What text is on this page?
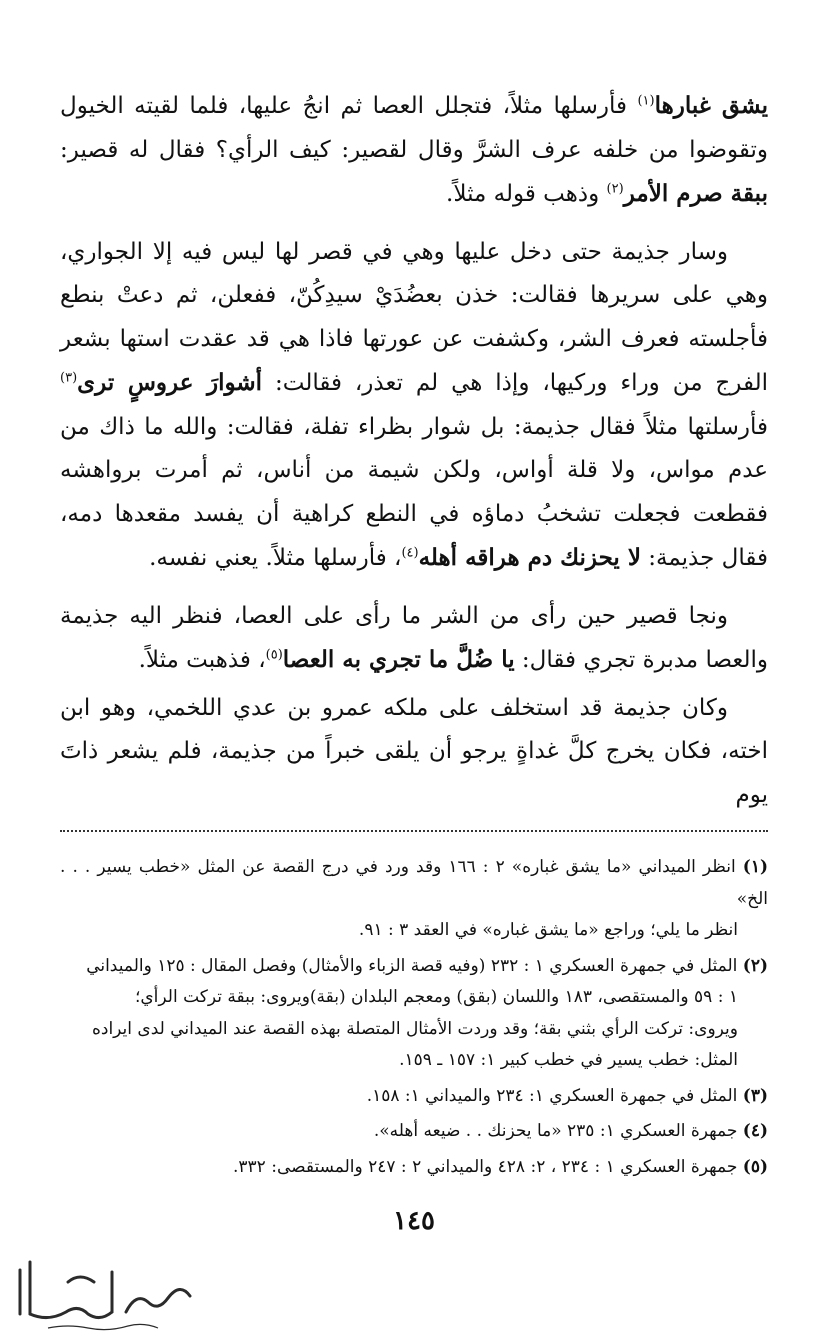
يشق غبارها$^{(١)}$ فأرسلها مثلاً، فتجلل العصا ثم انجُ عليها، فلما لقيته الخيول وتقوضوا من خلفه عرف الشرَّ وقال لقصير: كيف الرأي؟ فقال له قصير: ببقة صرم الأمر$^{(٢)}$ وذهب قوله مثلاً.

وسار جذيمة حتى دخل عليها وهي في قصر لها ليس فيه إلا الجواري، وهي على سريرها فقالت: خذن بعضُدَيْ سيدِكُنّ، ففعلن، ثم دعتْ بنطع فأجلسته فعرف الشر، وكشفت عن عورتها فاذا هي قد عقدت استها بشعر الفرج من وراء وركيها، وإذا هي لم تعذر، فقالت: أشوارَ عروسٍ ترى$^{(٣)}$ فأرسلتها مثلاً فقال جذيمة: بل شوار بظراء تفلة، فقالت: والله ما ذاك من عدم مواس، ولا قلة أواس، ولكن شيمة من أناس، ثم أمرت برواهشه فقطعت فجعلت تشخبُ دماؤه في النطع كراهية أن يفسد مقعدها دمه، فقال جذيمة: لا يحزنك دم هراقه أهله$^{(٤)}$، فأرسلها مثلاً. يعني نفسه.

ونجا قصير حين رأى من الشر ما رأى على العصا، فنظر اليه جذيمة والعصا مدبرة تجري فقال: يا ضُلَّ ما تجري به العصا$^{(٥)}$، فذهبت مثلاً.

وكان جذيمة قد استخلف على ملكه عمرو بن عدي اللخمي، وهو ابن اخته، فكان يخرج كلَّ غداةٍ يرجو أن يلقى خبراً من جذيمة، فلم يشعر ذاتَ يوم

(١) انظر الميداني «ما يشق غباره» ٢ : ١٦٦ وقد ورد في درج القصة عن المثل «خطب يسير . . . الخ»
انظر ما يلي؛ وراجع «ما يشق غباره» في العقد ٣ : ٩١.
(٢) المثل في جمهرة العسكري ١ : ٢٣٢ (وفيه قصة الزباء والأمثال) وفصل المقال : ١٢٥ والميداني
١ : ٥٩ والمستقصى، ١٨٣ واللسان (بقق) ومعجم البلدان (بقة)ويروى: ببقة تركت الرأي؛
ويروى: تركت الرأي بثني بقة؛ وقد وردت الأمثال المتصلة بهذه القصة عند الميداني لدى ايراده
المثل: خطب يسير في خطب كبير ١: ١٥٧ ـ ١٥٩.
(٣) المثل في جمهرة العسكري ١: ٢٣٤ والميداني ١: ١٥٨.
(٤) جمهرة العسكري ١: ٢٣٥ «ما يحزنك . . ضيعه أهله».
(٥) جمهرة العسكري ١ : ٢٣٤ ، ٢: ٤٢٨ والميداني ٢ : ٢٤٧ والمستقصى: ٣٣٢.
١٤٥
